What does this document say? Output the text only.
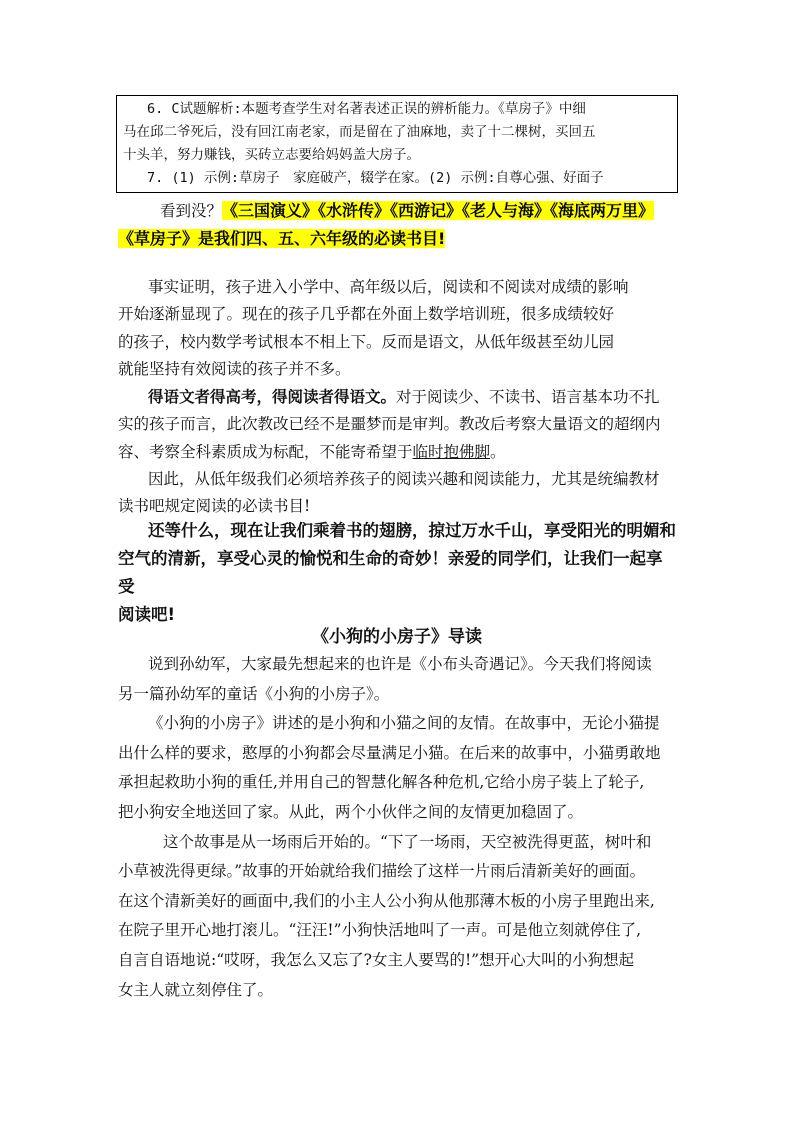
6. C试题解析:本题考查学生对名著表述正误的辨析能力。《草房子》中细

马在邱二爷死后，没有回江南老家，而是留在了油麻地，卖了十二棵树，买回五

十头羊，努力赚钱，买砖立志要给妈妈盖大房子。

7. (1) 示例:草房子　家庭破产，辍学在家。(2) 示例:自尊心强、好面子

看到没？《三国演义》《水浒传》《西游记》《老人与海》《海底两万里》
《草房子》是我们四、五、六年级的必读书目!

事实证明，孩子进入小学中、高年级以后，阅读和不阅读对成绩的影响

开始逐渐显现了。现在的孩子几乎都在外面上数学培训班，很多成绩较好

的孩子，校内数学考试根本不相上下。反而是语文，从低年级甚至幼儿园

就能坚持有效阅读的孩子并不多。

得语文者得高考，得阅读者得语文。对于阅读少、不读书、语言基本功不扎

实的孩子而言，此次教改已经不是噩梦而是审判。教改后考察大量语文的超纲内

容、考察全科素质成为标配，不能寄希望于临时抱佛脚。

因此，从低年级我们必须培养孩子的阅读兴趣和阅读能力，尤其是统编教材

读书吧规定阅读的必读书目!

还等什么，现在让我们乘着书的翅膀，掠过万水千山，享受阳光的明媚和
空气的清新，享受心灵的愉悦和生命的奇妙！亲爱的同学们，让我们一起享受
阅读吧!
《小狗的小房子》导读

说到孙幼军，大家最先想起来的也许是《小布头奇遇记》。今天我们将阅读

另一篇孙幼军的童话《小狗的小房子》。

《小狗的小房子》讲述的是小狗和小猫之间的友情。在故事中，无论小猫提

出什么样的要求，憨厚的小狗都会尽量满足小猫。在后来的故事中，小猫勇敢地

承担起救助小狗的重任,并用自己的智慧化解各种危机,它给小房子装上了轮子,

把小狗安全地送回了家。从此，两个小伙伴之间的友情更加稳固了。

这个故事是从一场雨后开始的。“下了一场雨，天空被洗得更蓝，树叶和

小草被洗得更绿。”故事的开始就给我们描绘了这样一片雨后清新美好的画面。

在这个清新美好的画面中,我们的小主人公小狗从他那薄木板的小房子里跑出来,

在院子里开心地打滚儿。“汪汪!”小狗快活地叫了一声。可是他立刻就停住了,

自言自语地说:“哎呀，我怎么又忘了?女主人要骂的!”想开心大叫的小狗想起

女主人就立刻停住了。
